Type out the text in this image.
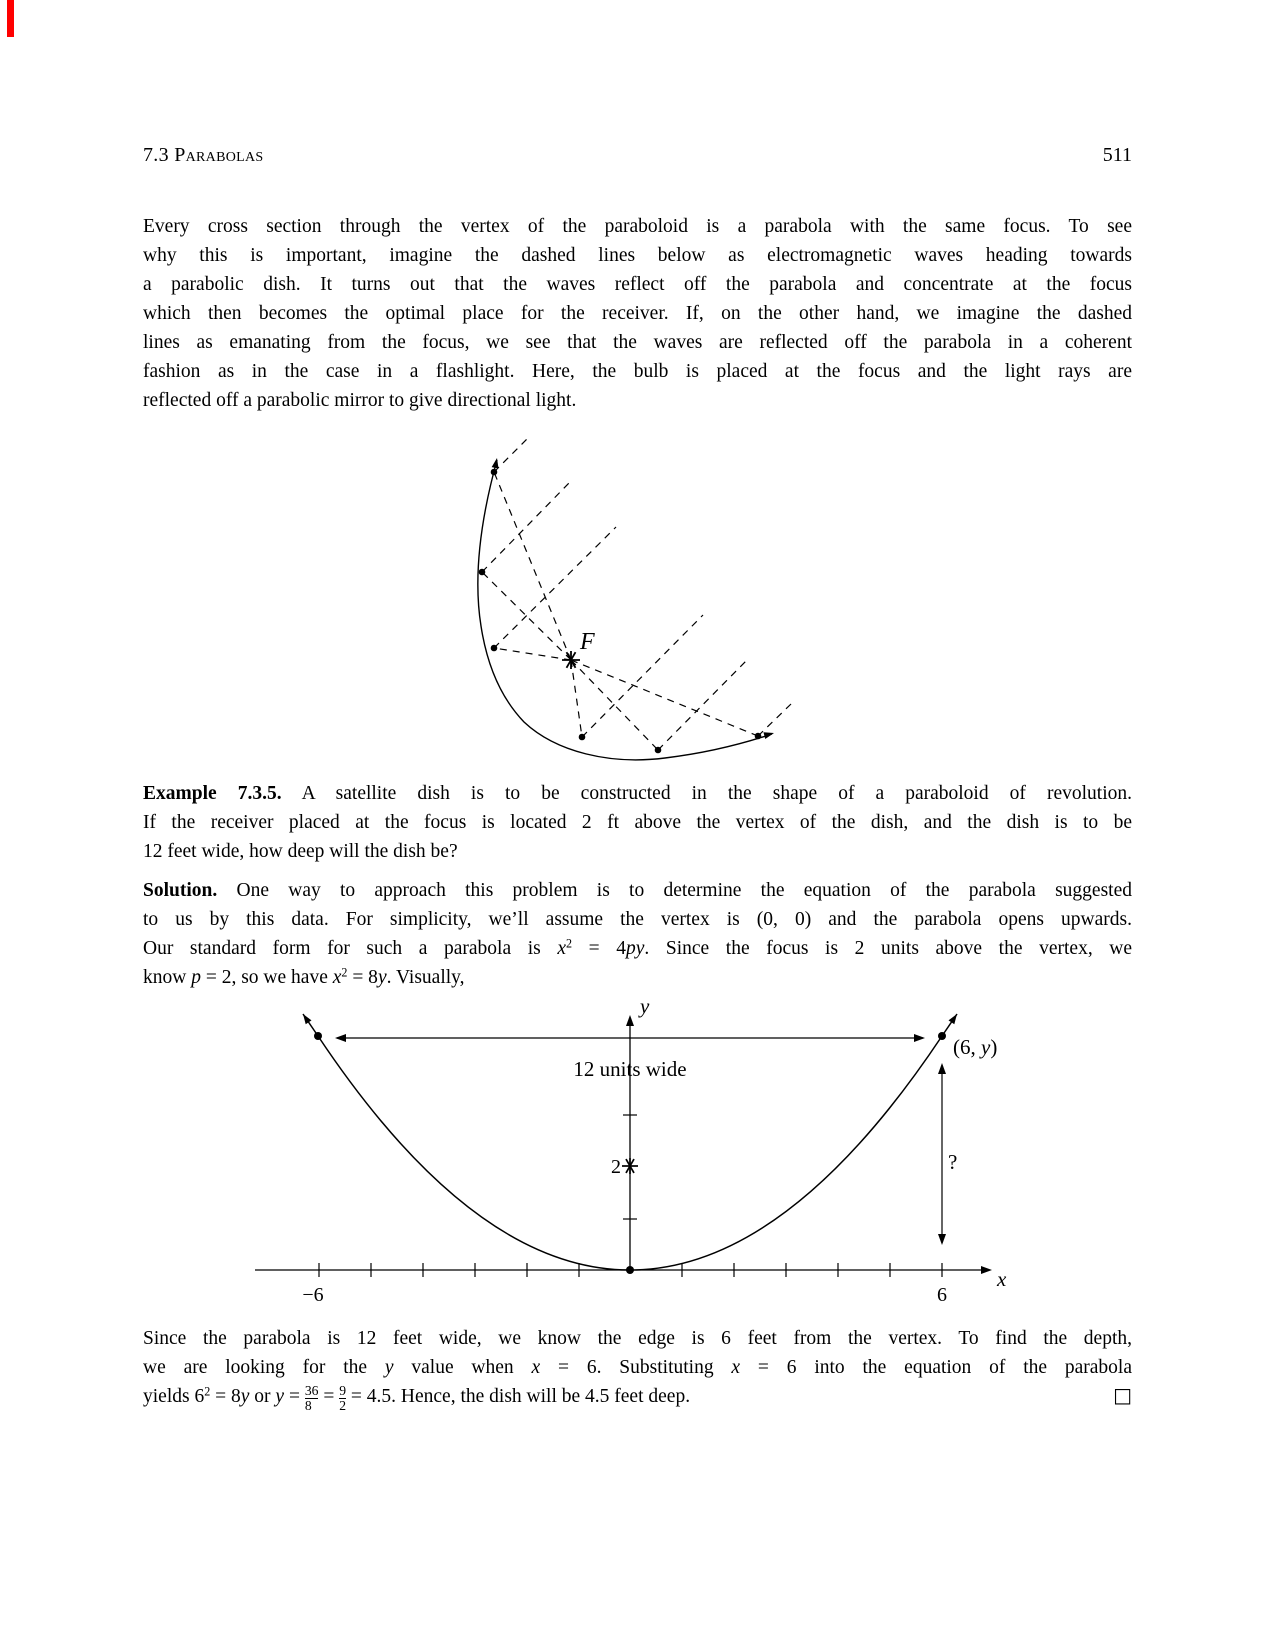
7.3 Parabolas	511
Every cross section through the vertex of the paraboloid is a parabola with the same focus. To see
why this is important, imagine the dashed lines below as electromagnetic waves heading towards
a parabolic dish. It turns out that the waves reflect off the parabola and concentrate at the focus
which then becomes the optimal place for the receiver. If, on the other hand, we imagine the dashed
lines as emanating from the focus, we see that the waves are reflected off the parabola in a coherent
fashion as in the case in a flashlight. Here, the bulb is placed at the focus and the light rays are
reflected off a parabolic mirror to give directional light.
F
Example 7.3.5. A satellite dish is to be constructed in the shape of a paraboloid of revolution.
If the receiver placed at the focus is located 2 ft above the vertex of the dish, and the dish is to be
12 feet wide, how deep will the dish be?
Solution. One way to approach this problem is to determine the equation of the parabola suggested
to us by this data. For simplicity, we’ll assume the vertex is (0, 0) and the parabola opens upwards.
Our standard form for such a parabola is $x^2 = 4py$. Since the focus is 2 units above the vertex, we
know p = 2, so we have $x^2 = 8y$. Visually,
12 units wide
?
2
(6, y)
y
x
−6	6
Since the parabola is 12 feet wide, we know the edge is 6 feet from the vertex. To find the depth,
we are looking for the y value when x = 6. Substituting x = 6 into the equation of the parabola
yields $6^2 = 8y$ or $y = \frac{36}{8} = \frac{9}{2} = 4.5$. Hence, the dish will be 4.5 feet deep.	□
